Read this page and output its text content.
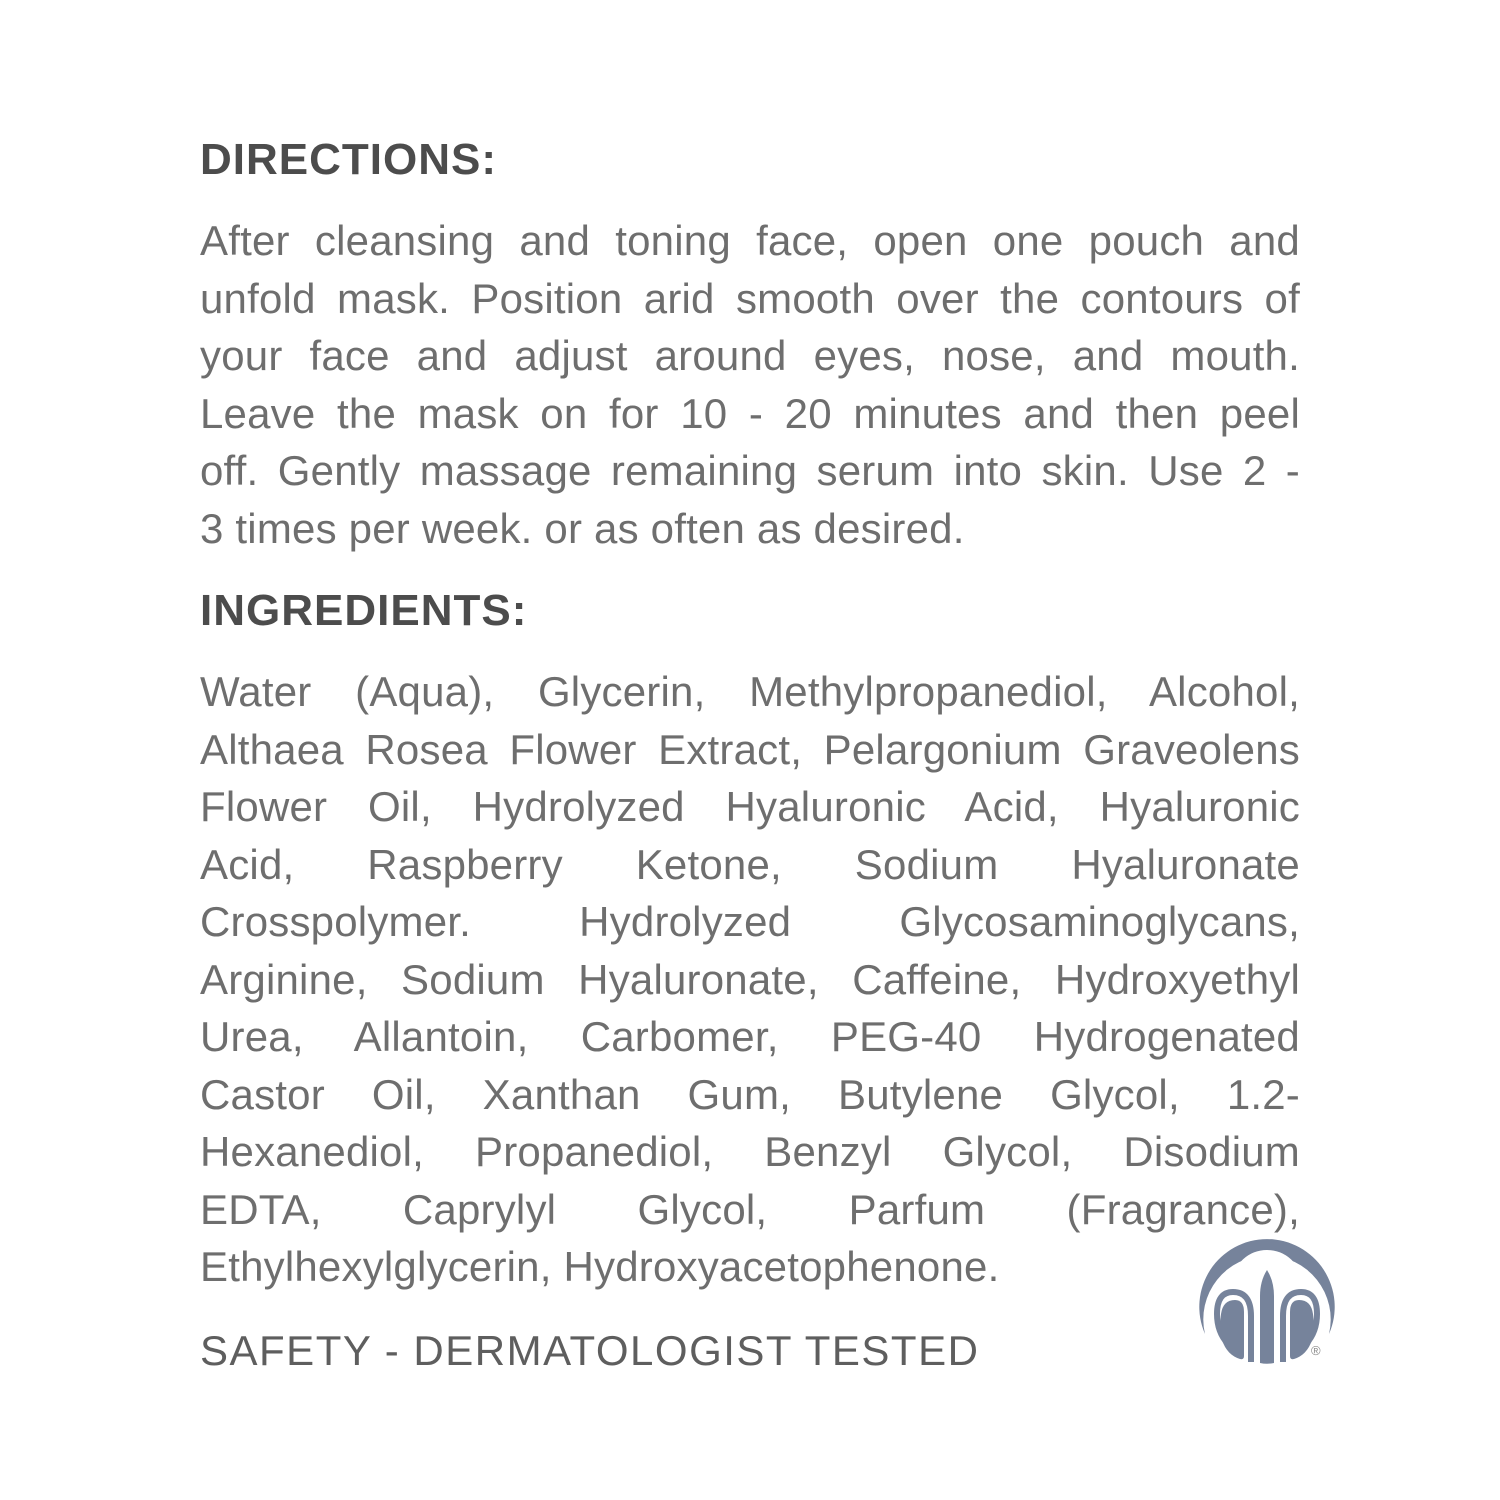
DIRECTIONS:
After cleansing and toning face, open one pouch and
unfold mask. Position arid smooth over the contours of
your face and adjust around eyes, nose, and mouth.
Leave the mask on for 10 - 20 minutes and then peel
off. Gently massage remaining serum into skin. Use 2 -
3 times per week. or as often as desired.
INGREDIENTS:
Water (Aqua), Glycerin, Methylpropanediol, Alcohol,
Althaea Rosea Flower Extract, Pelargonium Graveolens
Flower Oil, Hydrolyzed Hyaluronic Acid, Hyaluronic
Acid, Raspberry Ketone, Sodium Hyaluronate
Crosspolymer. Hydrolyzed Glycosaminoglycans,
Arginine, Sodium Hyaluronate, Caffeine, Hydroxyethyl
Urea, Allantoin, Carbomer, PEG-40 Hydrogenated
Castor Oil, Xanthan Gum, Butylene Glycol, 1.2-
Hexanediol, Propanediol, Benzyl Glycol, Disodium
EDTA, Caprylyl Glycol, Parfum (Fragrance),
Ethylhexylglycerin, Hydroxyacetophenone.
SAFETY - DERMATOLOGIST TESTED	®
